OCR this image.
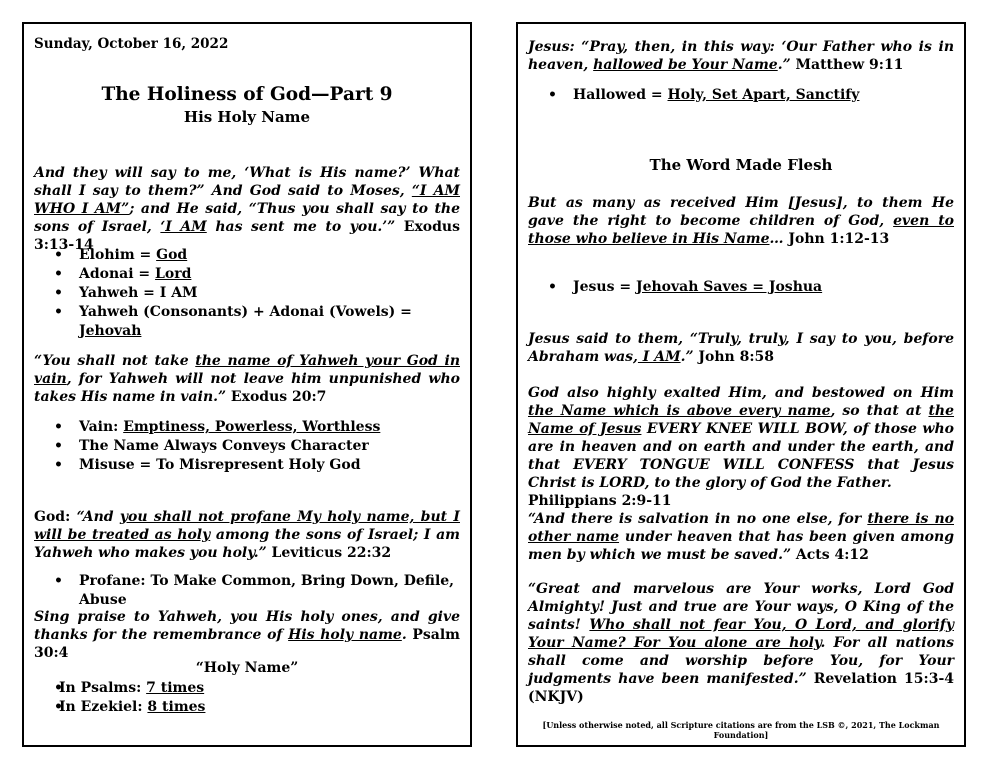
Sunday, October 16, 2022

The Holiness of God—Part 9

His Holy Name

And they will say to me, ‘What is His name?’ What shall I say to them?” And God said to Moses, “I AM WHO I AM”; and He said, “Thus you shall say to the sons of Israel, ‘I AM has sent me to you.’” Exodus 3:13-14

• Elohim = God
• Adonai = Lord
• Yahweh = I AM
• Yahweh (Consonants) + Adonai (Vowels) = Jehovah

“You shall not take the name of Yahweh your God in vain, for Yahweh will not leave him unpunished who takes His name in vain.” Exodus 20:7

• Vain: Emptiness, Powerless, Worthless
• The Name Always Conveys Character
• Misuse = To Misrepresent Holy God

God: “And you shall not profane My holy name, but I will be treated as holy among the sons of Israel; I am Yahweh who makes you holy.” Leviticus 22:32

• Profane: To Make Common, Bring Down, Defile, Abuse

Sing praise to Yahweh, you His holy ones, and give thanks for the remembrance of His holy name. Psalm 30:4

“Holy Name”

• In Psalms: 7 times
• In Ezekiel: 8 times

Jesus: “Pray, then, in this way: ‘Our Father who is in heaven, hallowed be Your Name.” Matthew 9:11

• Hallowed = Holy, Set Apart, Sanctify

The Word Made Flesh

But as many as received Him [Jesus], to them He gave the right to become children of God, even to those who believe in His Name… John 1:12-13

• Jesus = Jehovah Saves = Joshua

Jesus said to them, “Truly, truly, I say to you, before Abraham was, I AM.” John 8:58

God also highly exalted Him, and bestowed on Him the Name which is above every name, so that at the Name of Jesus EVERY KNEE WILL BOW, of those who are in heaven and on earth and under the earth, and that EVERY TONGUE WILL CONFESS that Jesus Christ is LORD, to the glory of God the Father.
Philippians 2:9-11

“And there is salvation in no one else, for there is no other name under heaven that has been given among men by which we must be saved.” Acts 4:12

“Great and marvelous are Your works, Lord God Almighty! Just and true are Your ways, O King of the saints! Who shall not fear You, O Lord, and glorify Your Name? For You alone are holy. For all nations shall come and worship before You, for Your judgments have been manifested.” Revelation 15:3-4 (NKJV)

[Unless otherwise noted, all Scripture citations are from the LSB ©, 2021, The Lockman Foundation]
